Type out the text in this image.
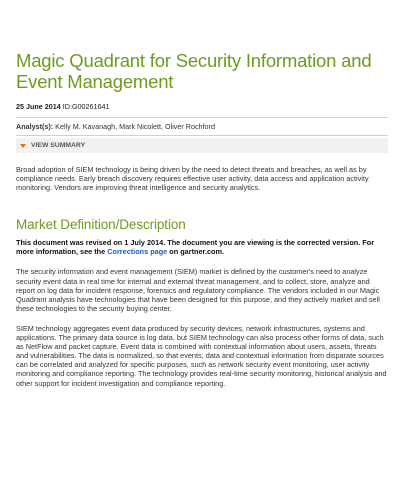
Magic Quadrant for Security Information and
Event Management
25 June 2014 ID:G00261641
Analyst(s): Kelly M. Kavanagh, Mark Nicolett, Oliver Rochford
VIEW SUMMARY

Broad adoption of SIEM technology is being driven by the need to detect threats and breaches, as well as by compliance needs. Early breach discovery requires effective user activity, data access and application activity monitoring. Vendors are improving threat intelligence and security analytics.

Market Definition/Description

This document was revised on 1 July 2014. The document you are viewing is the corrected version. For more information, see the Corrections page on gartner.com.

The security information and event management (SIEM) market is defined by the customer's need to analyze security event data in real time for internal and external threat management, and to collect, store, analyze and report on log data for incident response, forensics and regulatory compliance. The vendors included in our Magic Quadrant analysis have technologies that have been designed for this purpose, and they actively market and sell these technologies to the security buying center.

SIEM technology aggregates event data produced by security devices, network infrastructures, systems and applications. The primary data source is log data, but SIEM technology can also process other forms of data, such as NetFlow and packet capture. Event data is combined with contextual information about users, assets, threats and vulnerabilities. The data is normalized, so that events, data and contextual information from disparate sources can be correlated and analyzed for specific purposes, such as network security event monitoring, user activity monitoring and compliance reporting. The technology provides real-time security monitoring, historical analysis and other support for incident investigation and compliance reporting.
